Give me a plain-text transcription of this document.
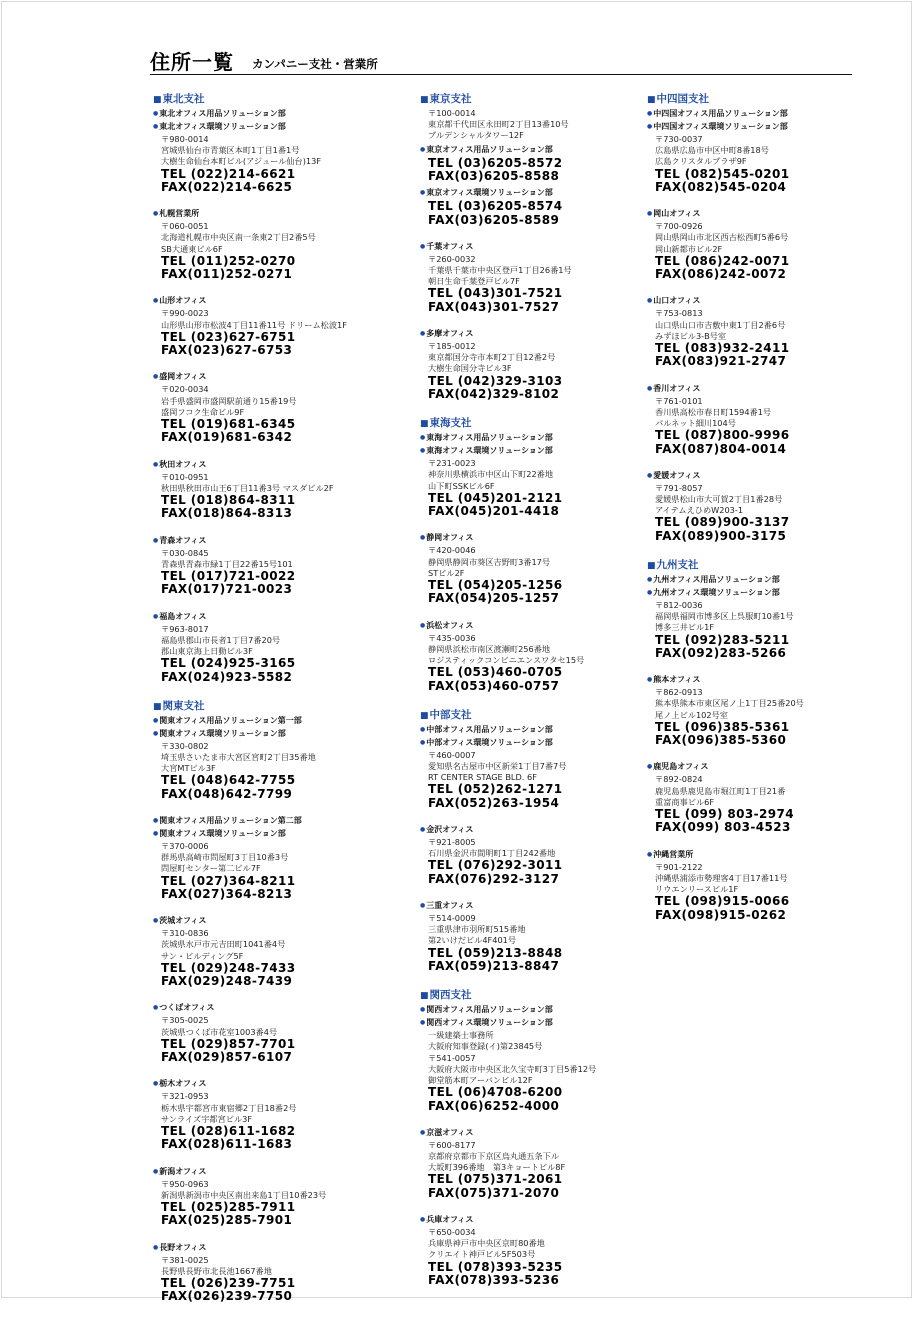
住所一覧 カンパニー支社・営業所
■ 東北支社
● 東北オフィス用品ソリューション部
● 東北オフィス環境ソリューション部
〒980-0014
宮城県仙台市青葉区本町1丁目1番1号
大樹生命仙台本町ビル(アジュール仙台)13F
TEL (022)214-6621
FAX(022)214-6625
● 札幌営業所
〒060-0051
北海道札幌市中央区南一条東2丁目2番5号
SB大通東ビル6F
TEL (011)252-0270
FAX(011)252-0271
● 山形オフィス
〒990-0023
山形県山形市松波4丁目11番11号 ドリーム松波1F
TEL (023)627-6751
FAX(023)627-6753
● 盛岡オフィス
〒020-0034
岩手県盛岡市盛岡駅前通り15番19号
盛岡フコク生命ビル9F
TEL (019)681-6345
FAX(019)681-6342
● 秋田オフィス
〒010-0951
秋田県秋田市山王6丁目11番3号 マスダビル2F
TEL (018)864-8311
FAX(018)864-8313
● 青森オフィス
〒030-0845
青森県青森市緑1丁目22番15号101
TEL (017)721-0022
FAX(017)721-0023
● 福島オフィス
〒963-8017
福島県郡山市長者1丁目7番20号
郡山東京海上日動ビル3F
TEL (024)925-3165
FAX(024)923-5582
■ 関東支社
● 関東オフィス用品ソリューション第一部
● 関東オフィス環境ソリューション部
〒330-0802
埼玉県さいたま市大宮区宮町2丁目35番地
大宮MTビル3F
TEL (048)642-7755
FAX(048)642-7799
● 関東オフィス用品ソリューション第二部
● 関東オフィス環境ソリューション部
〒370-0006
群馬県高崎市問屋町3丁目10番3号
問屋町センター第二ビル7F
TEL (027)364-8211
FAX(027)364-8213
● 茨城オフィス
〒310-0836
茨城県水戸市元吉田町1041番4号
サン・ビルディング5F
TEL (029)248-7433
FAX(029)248-7439
● つくばオフィス
〒305-0025
茨城県つくば市花室1003番4号
TEL (029)857-7701
FAX(029)857-6107
● 栃木オフィス
〒321-0953
栃木県宇都宮市東宿郷2丁目18番2号
サンライズ宇都宮ビル3F
TEL (028)611-1682
FAX(028)611-1683
● 新潟オフィス
〒950-0963
新潟県新潟市中央区南出来島1丁目10番23号
TEL (025)285-7911
FAX(025)285-7901
● 長野オフィス
〒381-0025
長野県長野市北長池1667番地
TEL (026)239-7751
FAX(026)239-7750
■ 東京支社
〒100-0014
東京都千代田区永田町2丁目13番10号
プルデンシャルタワー12F
● 東京オフィス用品ソリューション部
TEL (03)6205-8572
FAX(03)6205-8588
● 東京オフィス環境ソリューション部
TEL (03)6205-8574
FAX(03)6205-8589
● 千葉オフィス
〒260-0032
千葉県千葉市中央区登戸1丁目26番1号
朝日生命千葉登戸ビル7F
TEL (043)301-7521
FAX(043)301-7527
● 多摩オフィス
〒185-0012
東京都国分寺市本町2丁目12番2号
大樹生命国分寺ビル3F
TEL (042)329-3103
FAX(042)329-8102
■ 東海支社
● 東海オフィス用品ソリューション部
● 東海オフィス環境ソリューション部
〒231-0023
神奈川県横浜市中区山下町22番地
山下町SSKビル6F
TEL (045)201-2121
FAX(045)201-4418
● 静岡オフィス
〒420-0046
静岡県静岡市葵区吉野町3番17号
STビル2F
TEL (054)205-1256
FAX(054)205-1257
● 浜松オフィス
〒435-0036
静岡県浜松市南区渡瀬町256番地
ロジスティックコンビニエンスワタセ15号
TEL (053)460-0705
FAX(053)460-0757
■ 中部支社
● 中部オフィス用品ソリューション部
● 中部オフィス環境ソリューション部
〒460-0007
愛知県名古屋市中区新栄1丁目7番7号
RT CENTER STAGE BLD. 6F
TEL (052)262-1271
FAX(052)263-1954
● 金沢オフィス
〒921-8005
石川県金沢市間明町1丁目242番地
TEL (076)292-3011
FAX(076)292-3127
● 三重オフィス
〒514-0009
三重県津市羽所町515番地
第2いけだビル4F401号
TEL (059)213-8848
FAX(059)213-8847
■ 関西支社
● 関西オフィス用品ソリューション部
● 関西オフィス環境ソリューション部
一級建築士事務所
大阪府知事登録(イ)第23845号
〒541-0057
大阪府大阪市中央区北久宝寺町3丁目5番12号
御堂筋本町アーバンビル12F
TEL (06)4708-6200
FAX(06)6252-4000
● 京滋オフィス
〒600-8177
京都府京都市下京区烏丸通五条下ル
大坂町396番地　第3キョートビル8F
TEL (075)371-2061
FAX(075)371-2070
● 兵庫オフィス
〒650-0034
兵庫県神戸市中央区京町80番地
クリエイト神戸ビル5F503号
TEL (078)393-5235
FAX(078)393-5236
■ 中四国支社
● 中四国オフィス用品ソリューション部
● 中四国オフィス環境ソリューション部
〒730-0037
広島県広島市中区中町8番18号
広島クリスタルプラザ9F
TEL (082)545-0201
FAX(082)545-0204
● 岡山オフィス
〒700-0926
岡山県岡山市北区西古松西町5番6号
岡山新都市ビル2F
TEL (086)242-0071
FAX(086)242-0072
● 山口オフィス
〒753-0813
山口県山口市吉敷中東1丁目2番6号
みずほビル3-B号室
TEL (083)932-2411
FAX(083)921-2747
● 香川オフィス
〒761-0101
香川県高松市春日町1594番1号
パルネット細川104号
TEL (087)800-9996
FAX(087)804-0014
● 愛媛オフィス
〒791-8057
愛媛県松山市大可賀2丁目1番28号
アイテムえひめW203-1
TEL (089)900-3137
FAX(089)900-3175
■ 九州支社
● 九州オフィス用品ソリューション部
● 九州オフィス環境ソリューション部
〒812-0036
福岡県福岡市博多区上呉服町10番1号
博多三井ビル1F
TEL (092)283-5211
FAX(092)283-5266
● 熊本オフィス
〒862-0913
熊本県熊本市東区尾ノ上1丁目25番20号
尾ノ上ビル102号室
TEL (096)385-5361
FAX(096)385-5360
● 鹿児島オフィス
〒892-0824
鹿児島県鹿児島市堀江町1丁目21番
重富商事ビル6F
TEL (099) 803-2974
FAX(099) 803-4523
● 沖縄営業所
〒901-2122
沖縄県浦添市勢理客4丁目17番11号
リウエンリースビル1F
TEL (098)915-0066
FAX(098)915-0262
